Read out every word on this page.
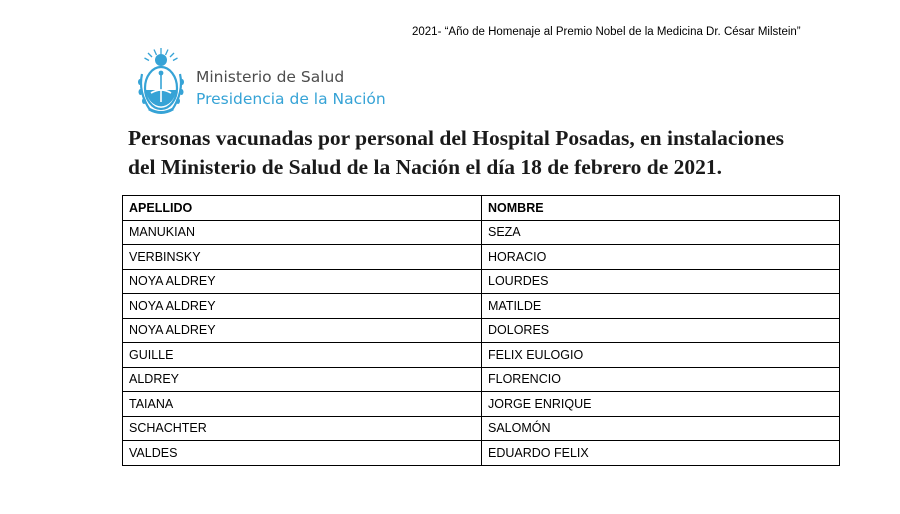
2021- “Año de Homenaje al Premio Nobel de la Medicina Dr. César Milstein”
Ministerio de Salud
Presidencia de la Nación
Personas vacunadas por personal del Hospital Posadas, en instalaciones
del Ministerio de Salud de la Nación el día 18 de febrero de 2021.
APELLIDO	NOMBRE
MANUKIAN	SEZA
VERBINSKY	HORACIO
NOYA ALDREY	LOURDES
NOYA ALDREY	MATILDE
NOYA ALDREY	DOLORES
GUILLE	FELIX EULOGIO
ALDREY	FLORENCIO
TAIANA	JORGE ENRIQUE
SCHACHTER	SALOMÓN
VALDES	EDUARDO FELIX
